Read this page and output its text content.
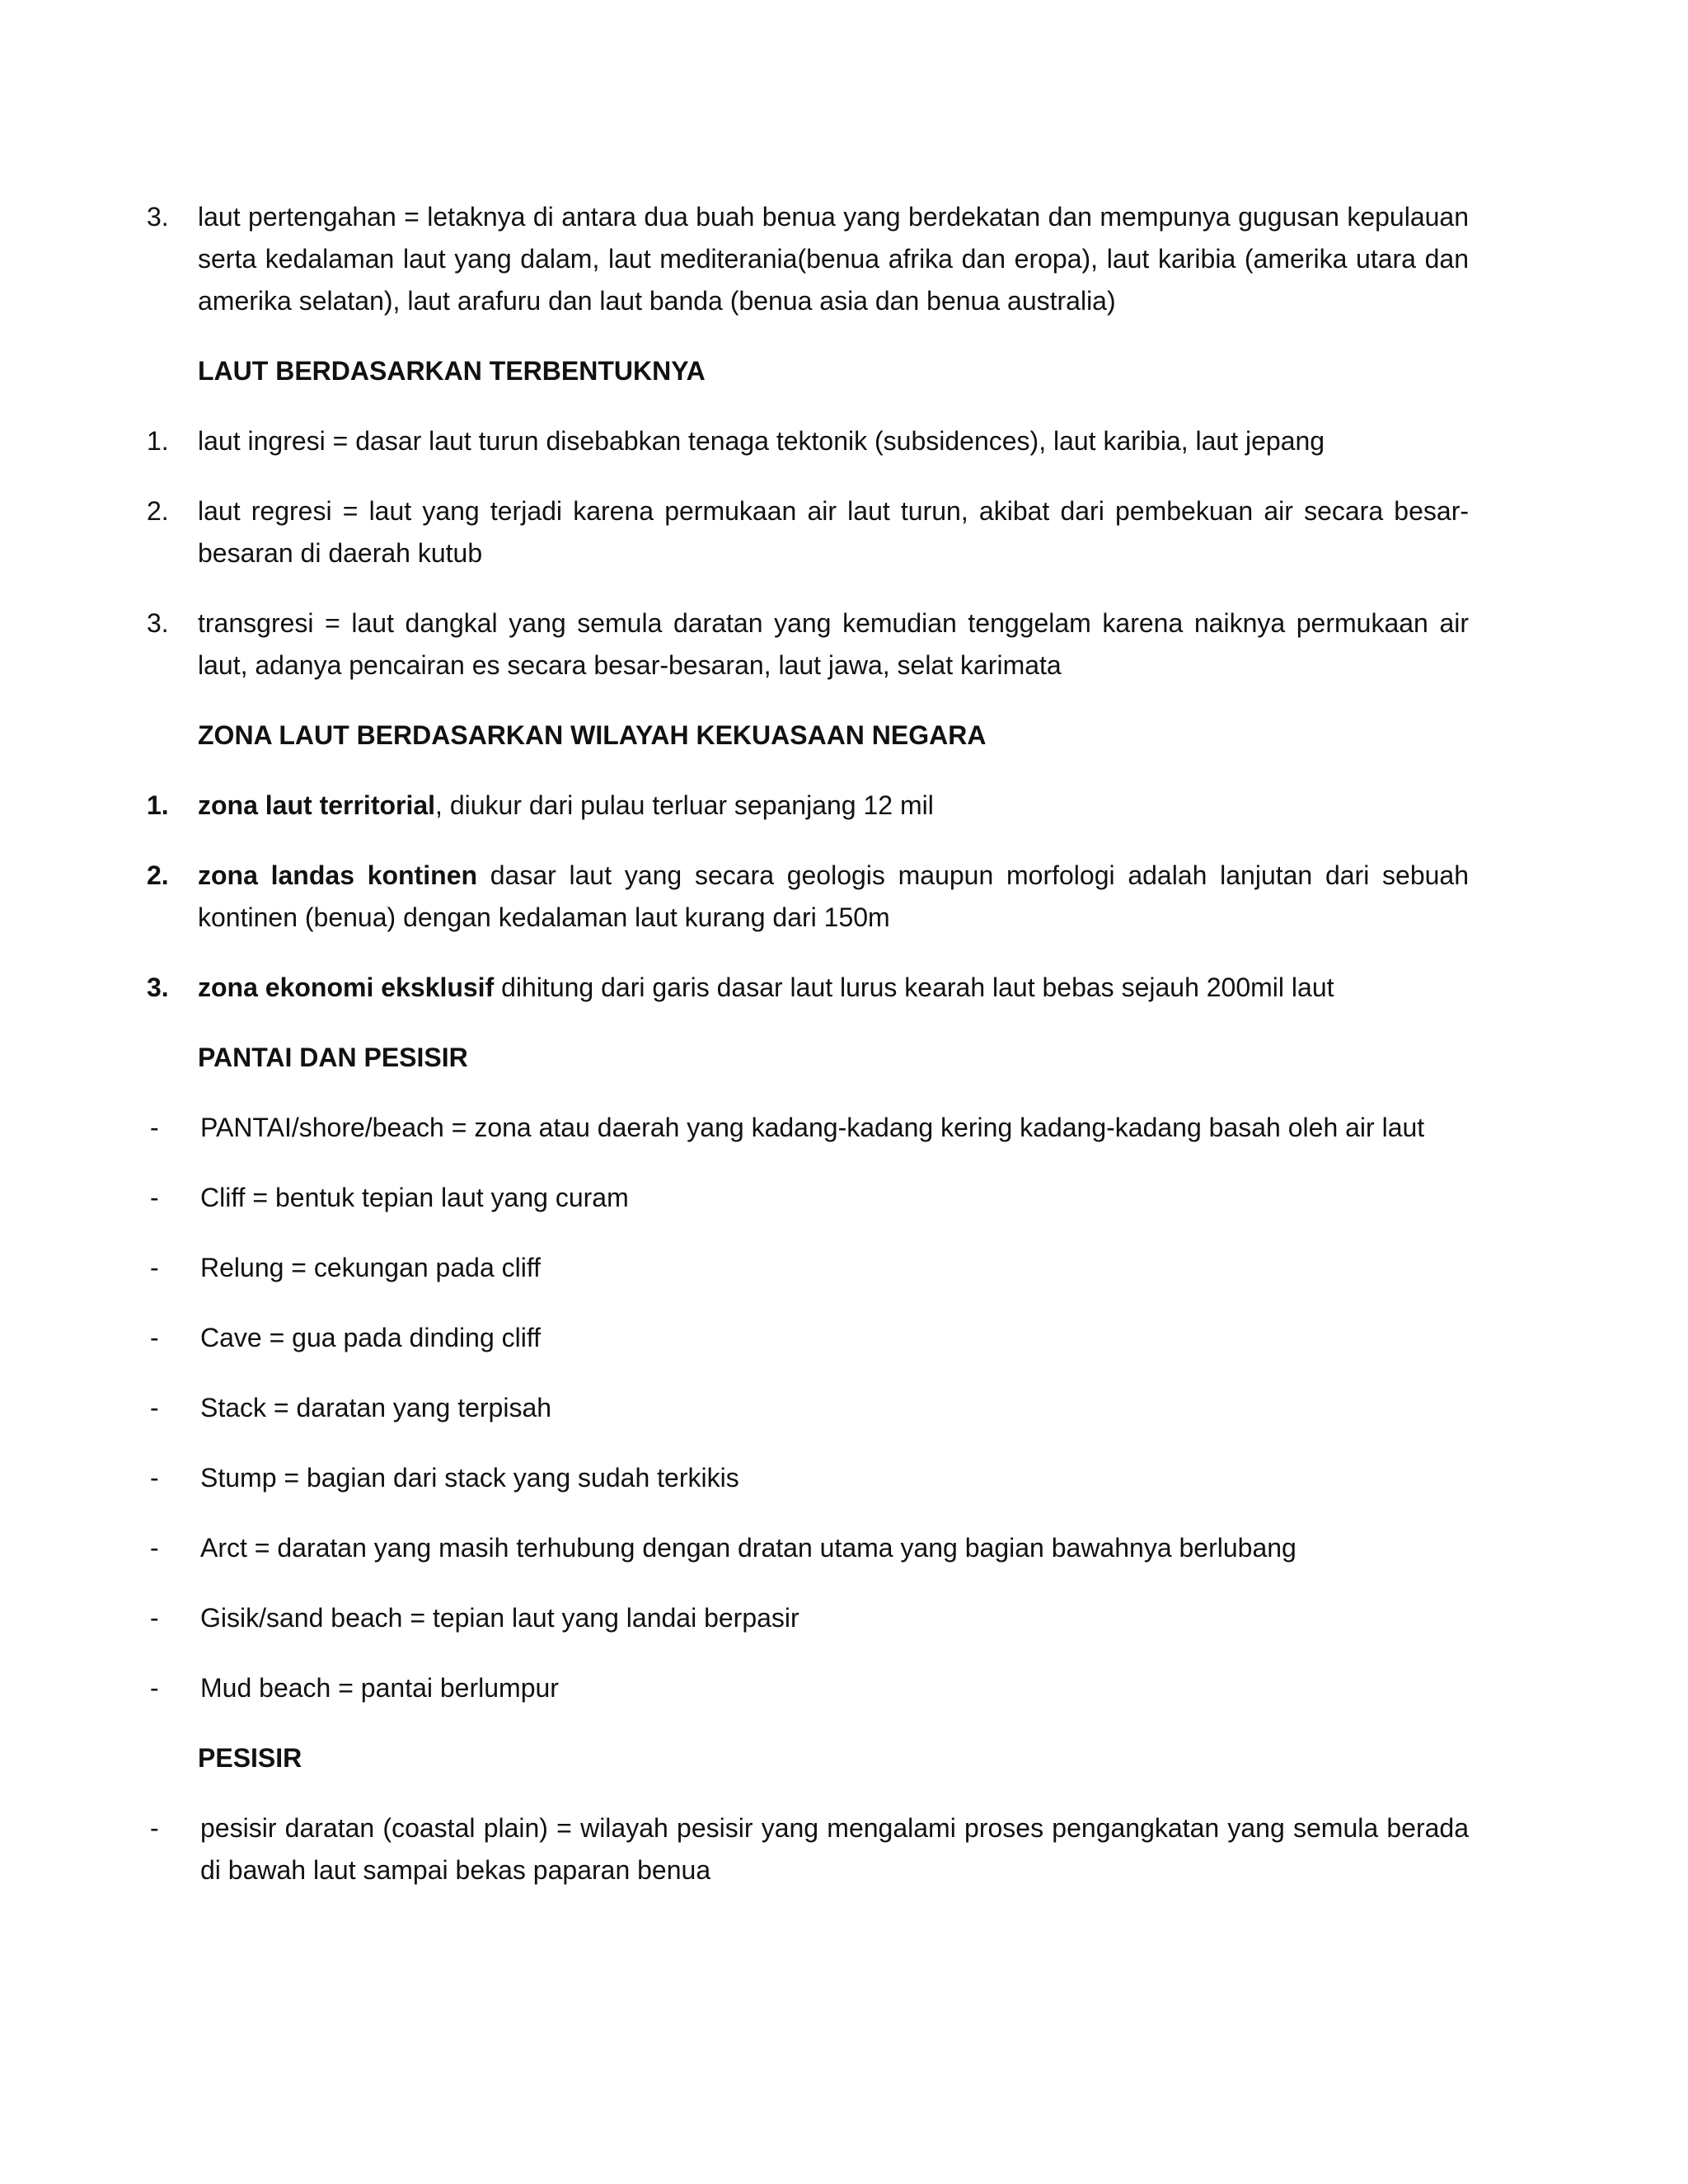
3.	laut pertengahan = letaknya di antara dua buah benua yang berdekatan dan mempunya gugusan kepulauan serta kedalaman laut yang dalam, laut mediterania(benua afrika dan eropa), laut karibia (amerika utara dan amerika selatan), laut arafuru dan laut banda (benua asia dan benua australia)
LAUT BERDASARKAN TERBENTUKNYA
1.	laut ingresi = dasar laut turun disebabkan tenaga tektonik (subsidences), laut karibia, laut jepang
2.	laut regresi = laut yang terjadi karena permukaan air laut turun, akibat dari pembekuan air secara besar-besaran di daerah kutub
3.	transgresi = laut dangkal yang semula daratan yang kemudian tenggelam karena naiknya permukaan air laut, adanya pencairan es secara besar-besaran, laut jawa, selat karimata
ZONA LAUT BERDASARKAN WILAYAH KEKUASAAN NEGARA
1.	zona laut territorial, diukur dari pulau terluar sepanjang 12 mil
2.	zona landas kontinen dasar laut yang secara geologis maupun morfologi adalah lanjutan dari sebuah kontinen (benua) dengan kedalaman laut kurang dari 150m
3.	zona ekonomi eksklusif dihitung dari garis dasar laut lurus kearah laut bebas sejauh 200mil laut
PANTAI DAN PESISIR
-	PANTAI/shore/beach = zona atau daerah yang kadang-kadang kering kadang-kadang basah oleh air laut
-	Cliff = bentuk tepian laut yang curam
-	Relung = cekungan pada cliff
-	Cave = gua pada dinding cliff
-	Stack = daratan yang terpisah
-	Stump = bagian dari stack yang sudah terkikis
-	Arct = daratan yang masih terhubung dengan dratan utama yang bagian bawahnya berlubang
-	Gisik/sand beach = tepian laut yang landai berpasir
-	Mud beach = pantai berlumpur
PESISIR
-	pesisir daratan (coastal plain) = wilayah pesisir yang mengalami proses pengangkatan yang semula berada di bawah laut sampai bekas paparan benua
